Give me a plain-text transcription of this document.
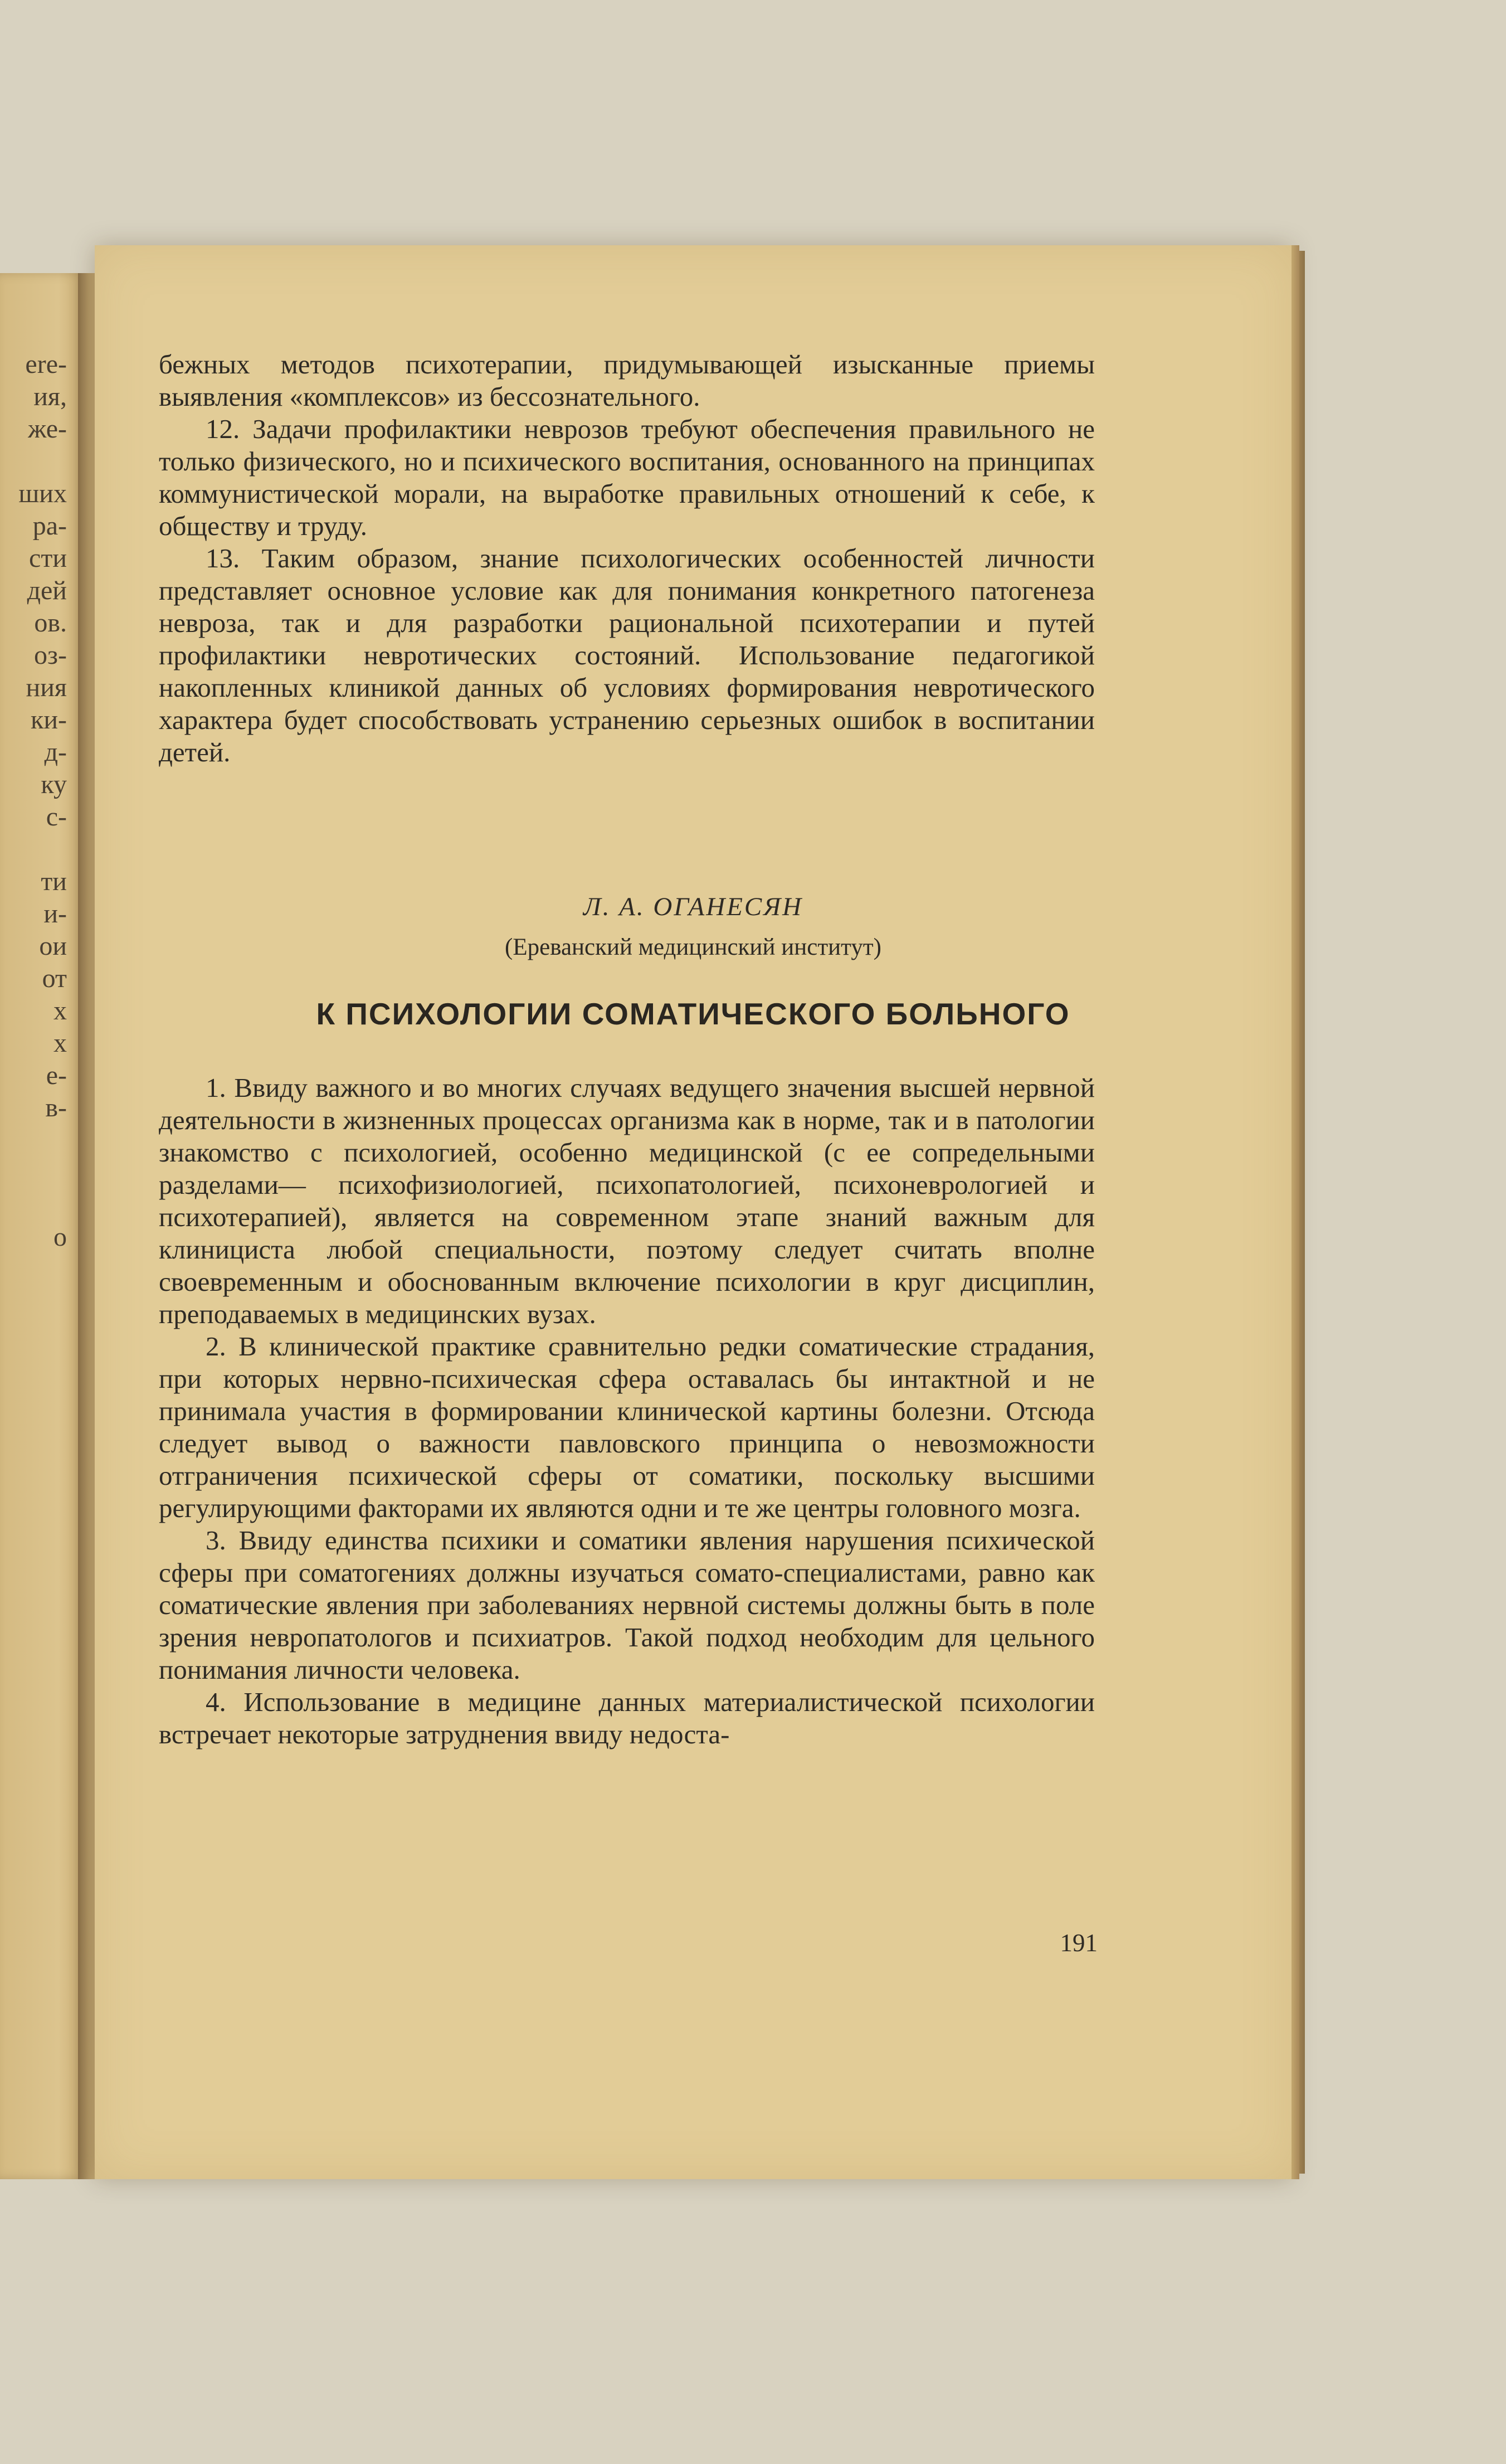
ere-
ия,
же-
ших
ра-
сти
дей
ов.
оз-
ния
ки-
д-
ку
с-
ти
и-
ои
от
х
х
е-
в-
о

бежных методов психотерапии, придумывающей изысканные приемы выявления «комплексов» из бессознательного.

12. Задачи профилактики неврозов требуют обеспечения правильного не только физического, но и психического воспитания, основанного на принципах коммунистической морали, на выработке правильных отношений к себе, к обществу и труду.

13. Таким образом, знание психологических особенностей личности представляет основное условие как для понимания конкретного патогенеза невроза, так и для разработки рациональной психотерапии и путей профилактики невротических состояний. Использование педагогикой накопленных клиникой данных об условиях формирования невротического характера будет способствовать устранению серьезных ошибок в воспитании детей.

Л. А. ОГАНЕСЯН
(Ереванский медицинский институт)
К ПСИХОЛОГИИ СОМАТИЧЕСКОГО БОЛЬНОГО

1. Ввиду важного и во многих случаях ведущего значения высшей нервной деятельности в жизненных процессах организма как в норме, так и в патологии знакомство с психологией, особенно медицинской (с ее сопредельными разделами— психофизиологией, психопатологией, психоневрологией и психотерапией), является на современном этапе знаний важным для клинициста любой специальности, поэтому следует считать вполне своевременным и обоснованным включение психологии в круг дисциплин, преподаваемых в медицинских вузах.

2. В клинической практике сравнительно редки соматические страдания, при которых нервно-психическая сфера оставалась бы интактной и не принимала участия в формировании клинической картины болезни. Отсюда следует вывод о важности павловского принципа о невозможности отграничения психической сферы от соматики, поскольку высшими регулирующими факторами их являются одни и те же центры головного мозга.

3. Ввиду единства психики и соматики явления нарушения психической сферы при соматогениях должны изучаться сомато-специалистами, равно как соматические явления при заболеваниях нервной системы должны быть в поле зрения невропатологов и психиатров. Такой подход необходим для цельного понимания личности человека.

4. Использование в медицине данных материалистической психологии встречает некоторые затруднения ввиду недоста-

191
